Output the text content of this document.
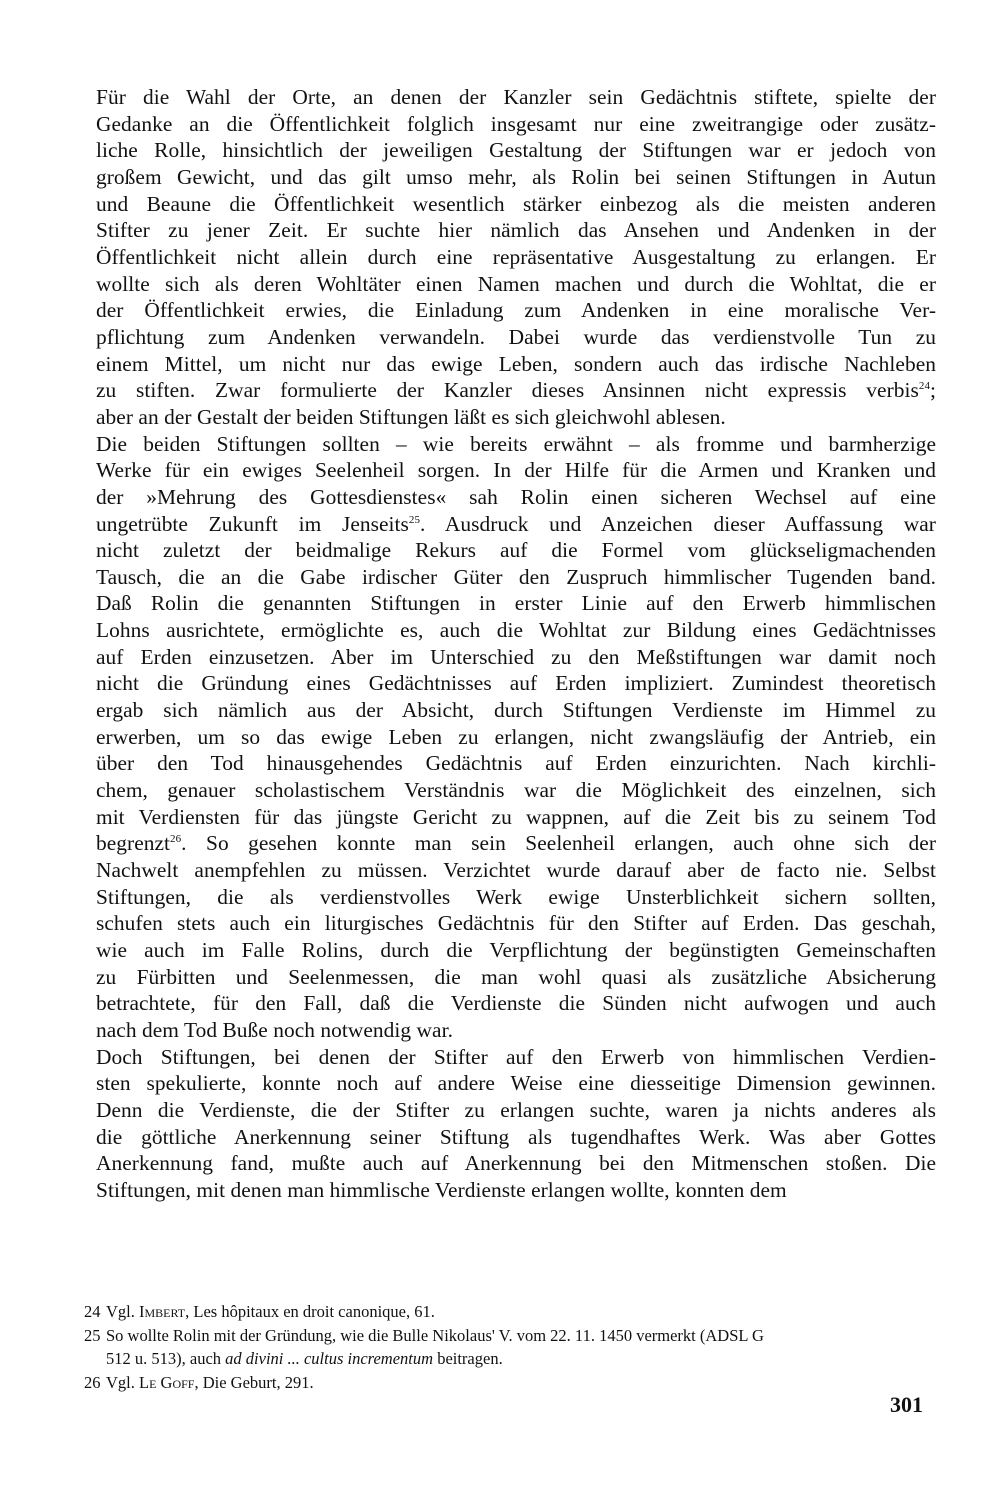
Für die Wahl der Orte, an denen der Kanzler sein Gedächtnis stiftete, spielte der
Gedanke an die Öffentlichkeit folglich insgesamt nur eine zweitrangige oder zusätz-
liche Rolle, hinsichtlich der jeweiligen Gestaltung der Stiftungen war er jedoch von
großem Gewicht, und das gilt umso mehr, als Rolin bei seinen Stiftungen in Autun
und Beaune die Öffentlichkeit wesentlich stärker einbezog als die meisten anderen
Stifter zu jener Zeit. Er suchte hier nämlich das Ansehen und Andenken in der
Öffentlichkeit nicht allein durch eine repräsentative Ausgestaltung zu erlangen. Er
wollte sich als deren Wohltäter einen Namen machen und durch die Wohltat, die er
der Öffentlichkeit erwies, die Einladung zum Andenken in eine moralische Ver-
pflichtung zum Andenken verwandeln. Dabei wurde das verdienstvolle Tun zu
einem Mittel, um nicht nur das ewige Leben, sondern auch das irdische Nachleben
zu stiften. Zwar formulierte der Kanzler dieses Ansinnen nicht expressis verbis$^{24}$;
aber an der Gestalt der beiden Stiftungen läßt es sich gleichwohl ablesen.
Die beiden Stiftungen sollten – wie bereits erwähnt – als fromme und barmherzige
Werke für ein ewiges Seelenheil sorgen. In der Hilfe für die Armen und Kranken und
der »Mehrung des Gottesdienstes« sah Rolin einen sicheren Wechsel auf eine
ungetrübte Zukunft im Jenseits$^{25}$. Ausdruck und Anzeichen dieser Auffassung war
nicht zuletzt der beidmalige Rekurs auf die Formel vom glückseligmachenden
Tausch, die an die Gabe irdischer Güter den Zuspruch himmlischer Tugenden band.
Daß Rolin die genannten Stiftungen in erster Linie auf den Erwerb himmlischen
Lohns ausrichtete, ermöglichte es, auch die Wohltat zur Bildung eines Gedächtnisses
auf Erden einzusetzen. Aber im Unterschied zu den Meßstiftungen war damit noch
nicht die Gründung eines Gedächtnisses auf Erden impliziert. Zumindest theoretisch
ergab sich nämlich aus der Absicht, durch Stiftungen Verdienste im Himmel zu
erwerben, um so das ewige Leben zu erlangen, nicht zwangsläufig der Antrieb, ein
über den Tod hinausgehendes Gedächtnis auf Erden einzurichten. Nach kirchli-
chem, genauer scholastischem Verständnis war die Möglichkeit des einzelnen, sich
mit Verdiensten für das jüngste Gericht zu wappnen, auf die Zeit bis zu seinem Tod
begrenzt$^{26}$. So gesehen konnte man sein Seelenheil erlangen, auch ohne sich der
Nachwelt anempfehlen zu müssen. Verzichtet wurde darauf aber de facto nie. Selbst
Stiftungen, die als verdienstvolles Werk ewige Unsterblichkeit sichern sollten,
schufen stets auch ein liturgisches Gedächtnis für den Stifter auf Erden. Das geschah,
wie auch im Falle Rolins, durch die Verpflichtung der begünstigten Gemeinschaften
zu Fürbitten und Seelenmessen, die man wohl quasi als zusätzliche Absicherung
betrachtete, für den Fall, daß die Verdienste die Sünden nicht aufwogen und auch
nach dem Tod Buße noch notwendig war.
Doch Stiftungen, bei denen der Stifter auf den Erwerb von himmlischen Verdien-
sten spekulierte, konnte noch auf andere Weise eine diesseitige Dimension gewinnen.
Denn die Verdienste, die der Stifter zu erlangen suchte, waren ja nichts anderes als
die göttliche Anerkennung seiner Stiftung als tugendhaftes Werk. Was aber Gottes
Anerkennung fand, mußte auch auf Anerkennung bei den Mitmenschen stoßen. Die
Stiftungen, mit denen man himmlische Verdienste erlangen wollte, konnten dem

24 Vgl. Imbert, Les hôpitaux en droit canonique, 61.

25 So wollte Rolin mit der Gründung, wie die Bulle Nikolaus' V. vom 22. 11. 1450 vermerkt (ADSL G
512 u. 513), auch ad divini ... cultus incrementum beitragen.

26 Vgl. Le Goff, Die Geburt, 291.

301
